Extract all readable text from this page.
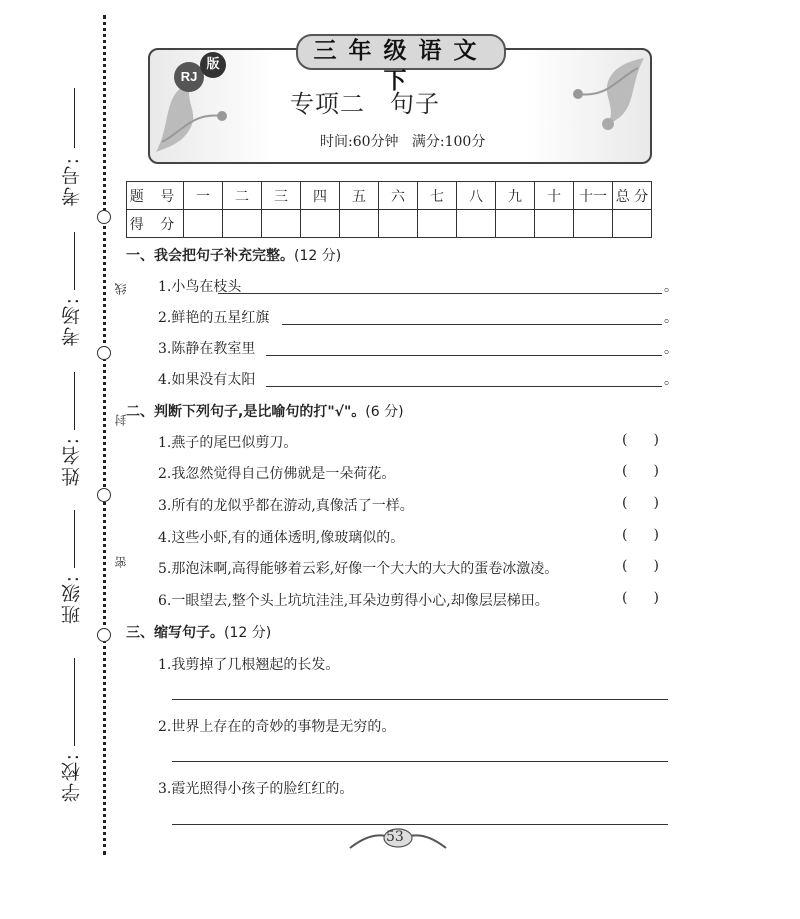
考号:
考场:
姓名:
班级:
学校:
线
封
密
三年级语文下
RJ
版
专项二　句子
时间:60分钟 满分:100分
题 号	一	二	三	四	五	六	七	八	九	十	十一	总 分
得 分												
一、我会把句子补充完整。(12 分)
1.小鸟在枝头	。
2.鲜艳的五星红旗	。
3.陈静在教室里	。
4.如果没有太阳	。
二、判断下列句子,是比喻句的打"√"。(6 分)
1.燕子的尾巴似剪刀。	()
2.我忽然觉得自己仿佛就是一朵荷花。	()
3.所有的龙似乎都在游动,真像活了一样。	()
4.这些小虾,有的通体透明,像玻璃似的。	()
5.那泡沫啊,高得能够着云彩,好像一个大大的大大的蛋卷冰激凌。	()
6.一眼望去,整个头上坑坑洼洼,耳朵边剪得小心,却像层层梯田。	()
三、缩写句子。(12 分)
1.我剪掉了几根翘起的长发。
2.世界上存在的奇妙的事物是无穷的。
3.霞光照得小孩子的脸红红的。
53
